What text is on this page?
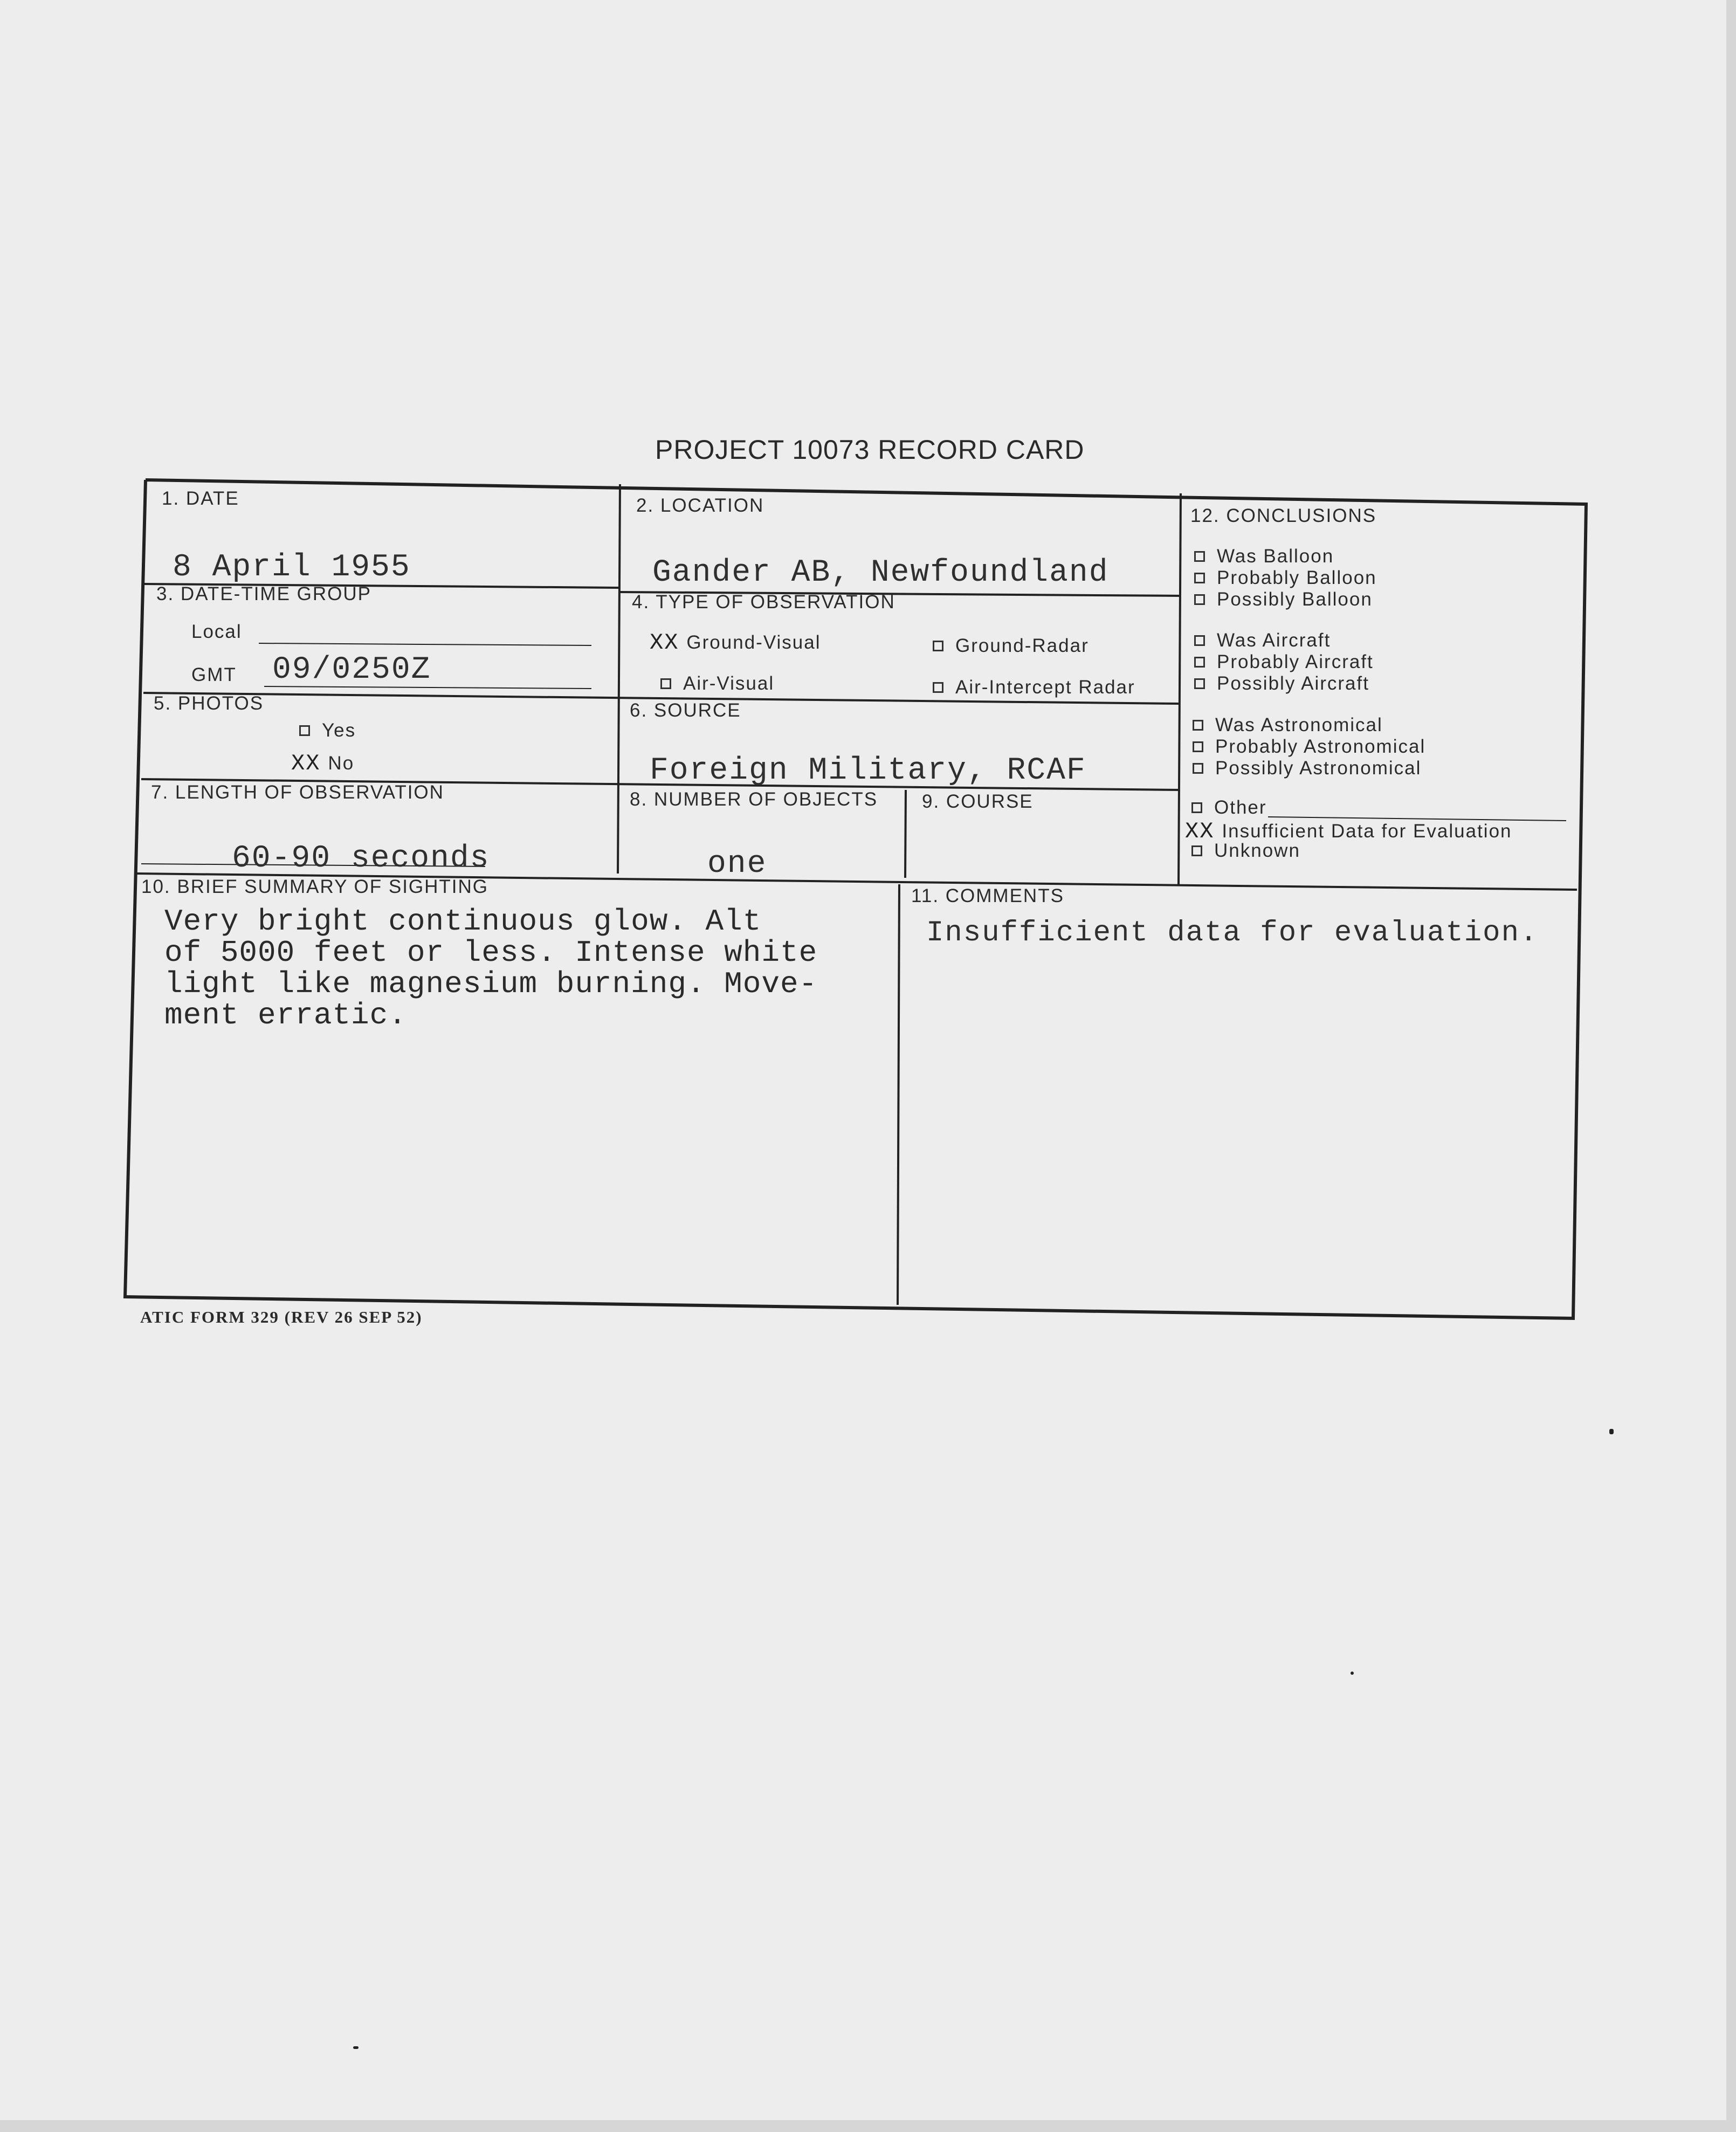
PROJECT 10073 RECORD CARD
1. DATE
8 April 1955
2. LOCATION
Gander AB, Newfoundland
3. DATE-TIME GROUP
Local
GMT 09/0250Z
4. TYPE OF OBSERVATION
XX Ground-Visual	Ground-Radar
Air-Visual	Air-Intercept Radar
5. PHOTOS
Yes
XX No
6. SOURCE
Foreign Military, RCAF
7. LENGTH OF OBSERVATION
60-90 seconds
8. NUMBER OF OBJECTS
one
9. COURSE
10. BRIEF SUMMARY OF SIGHTING
Very bright continuous glow. Alt
of 5000 feet or less. Intense white
light like magnesium burning. Move-
ment erratic.
11. COMMENTS
Insufficient data for evaluation.
12. CONCLUSIONS
Was Balloon
Probably Balloon
Possibly Balloon
Was Aircraft
Probably Aircraft
Possibly Aircraft
Was Astronomical
Probably Astronomical
Possibly Astronomical
Other
XX Insufficient Data for Evaluation
Unknown
ATIC FORM 329 (REV 26 SEP 52)
